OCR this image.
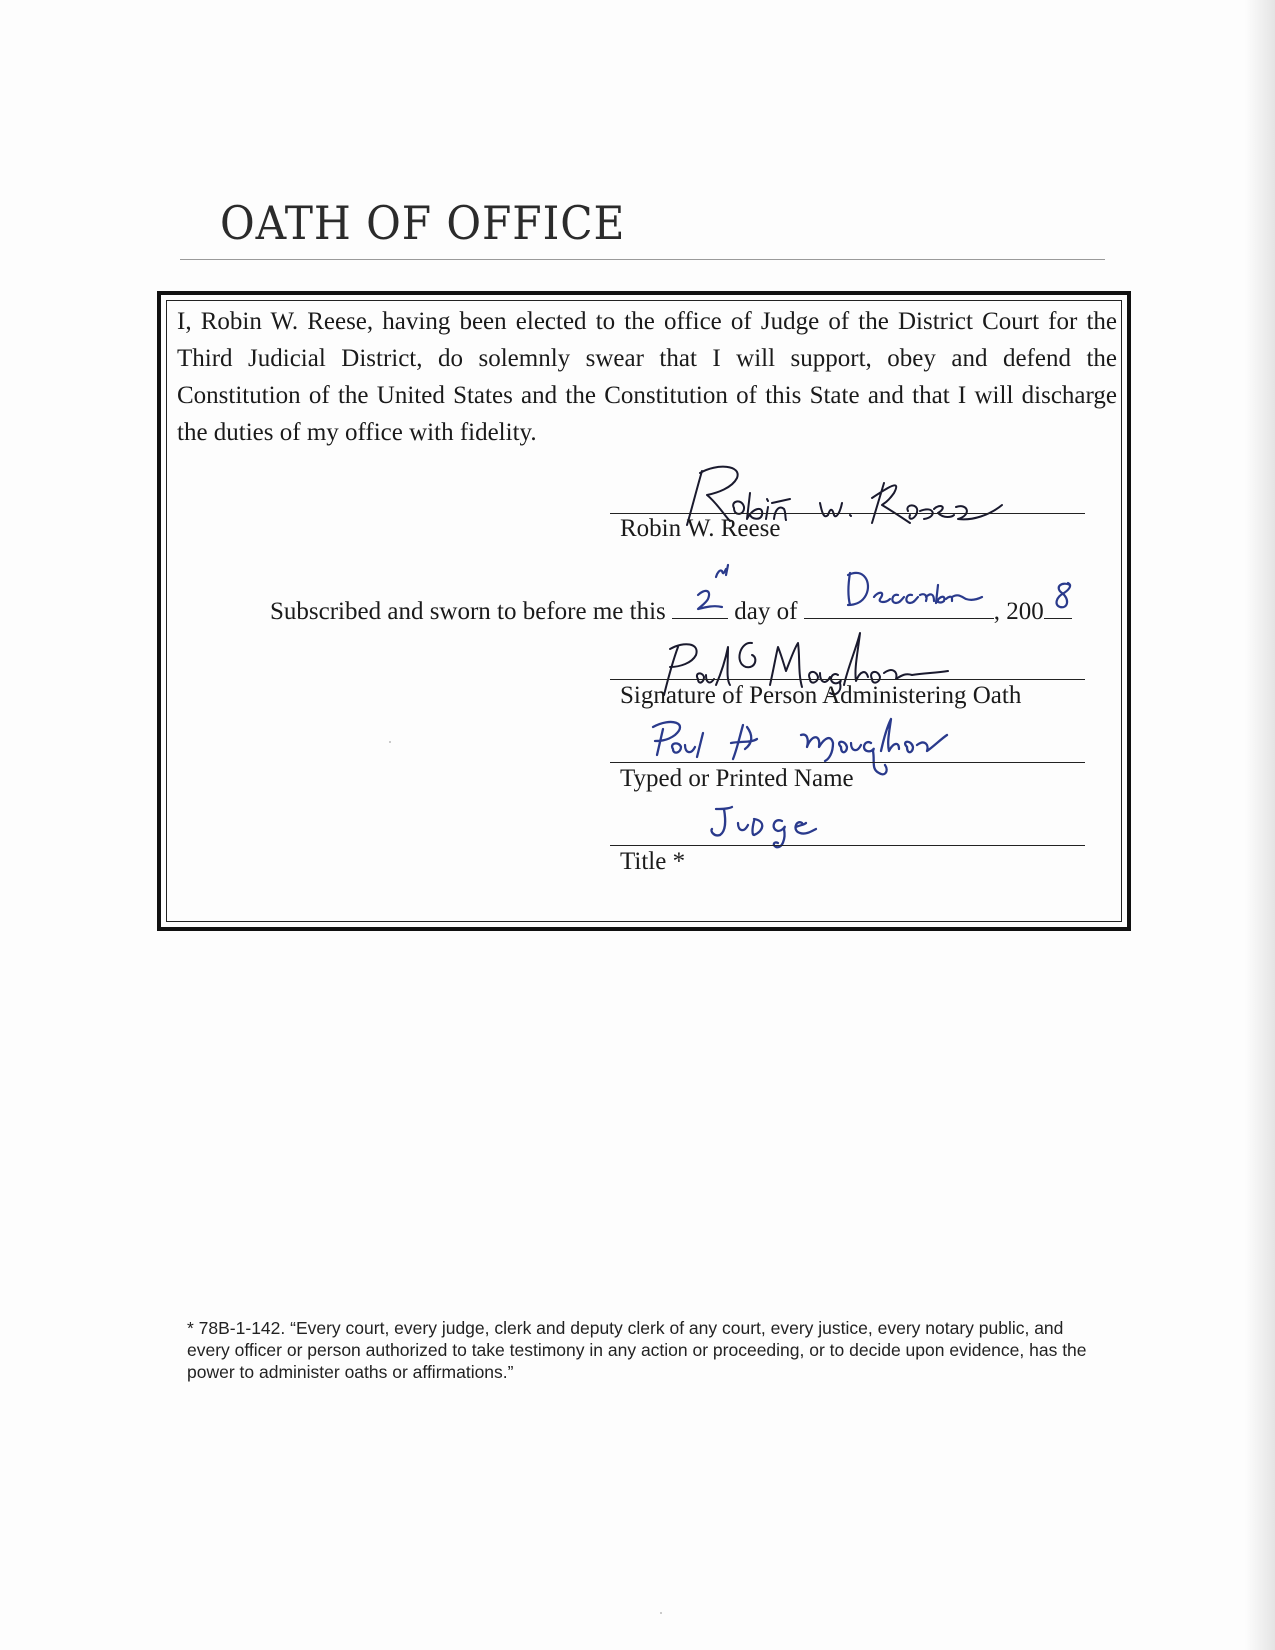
OATH OF OFFICE

I, Robin W. Reese, having been elected to the office of Judge of the District Court for the Third Judicial District, do solemnly swear that I will support, obey and defend the Constitution of the United States and the Constitution of this State and that I will discharge the duties of my office with fidelity.

Robin W. Reese
Subscribed and sworn to before me this	day of	, 200
Signature of Person Administering Oath
Typed or Printed Name
Title *

* 78B-1-142. “Every court, every judge, clerk and deputy clerk of any court, every justice, every notary public, and every officer or person authorized to take testimony in any action or proceeding, or to decide upon evidence, has the power to administer oaths or affirmations.”
